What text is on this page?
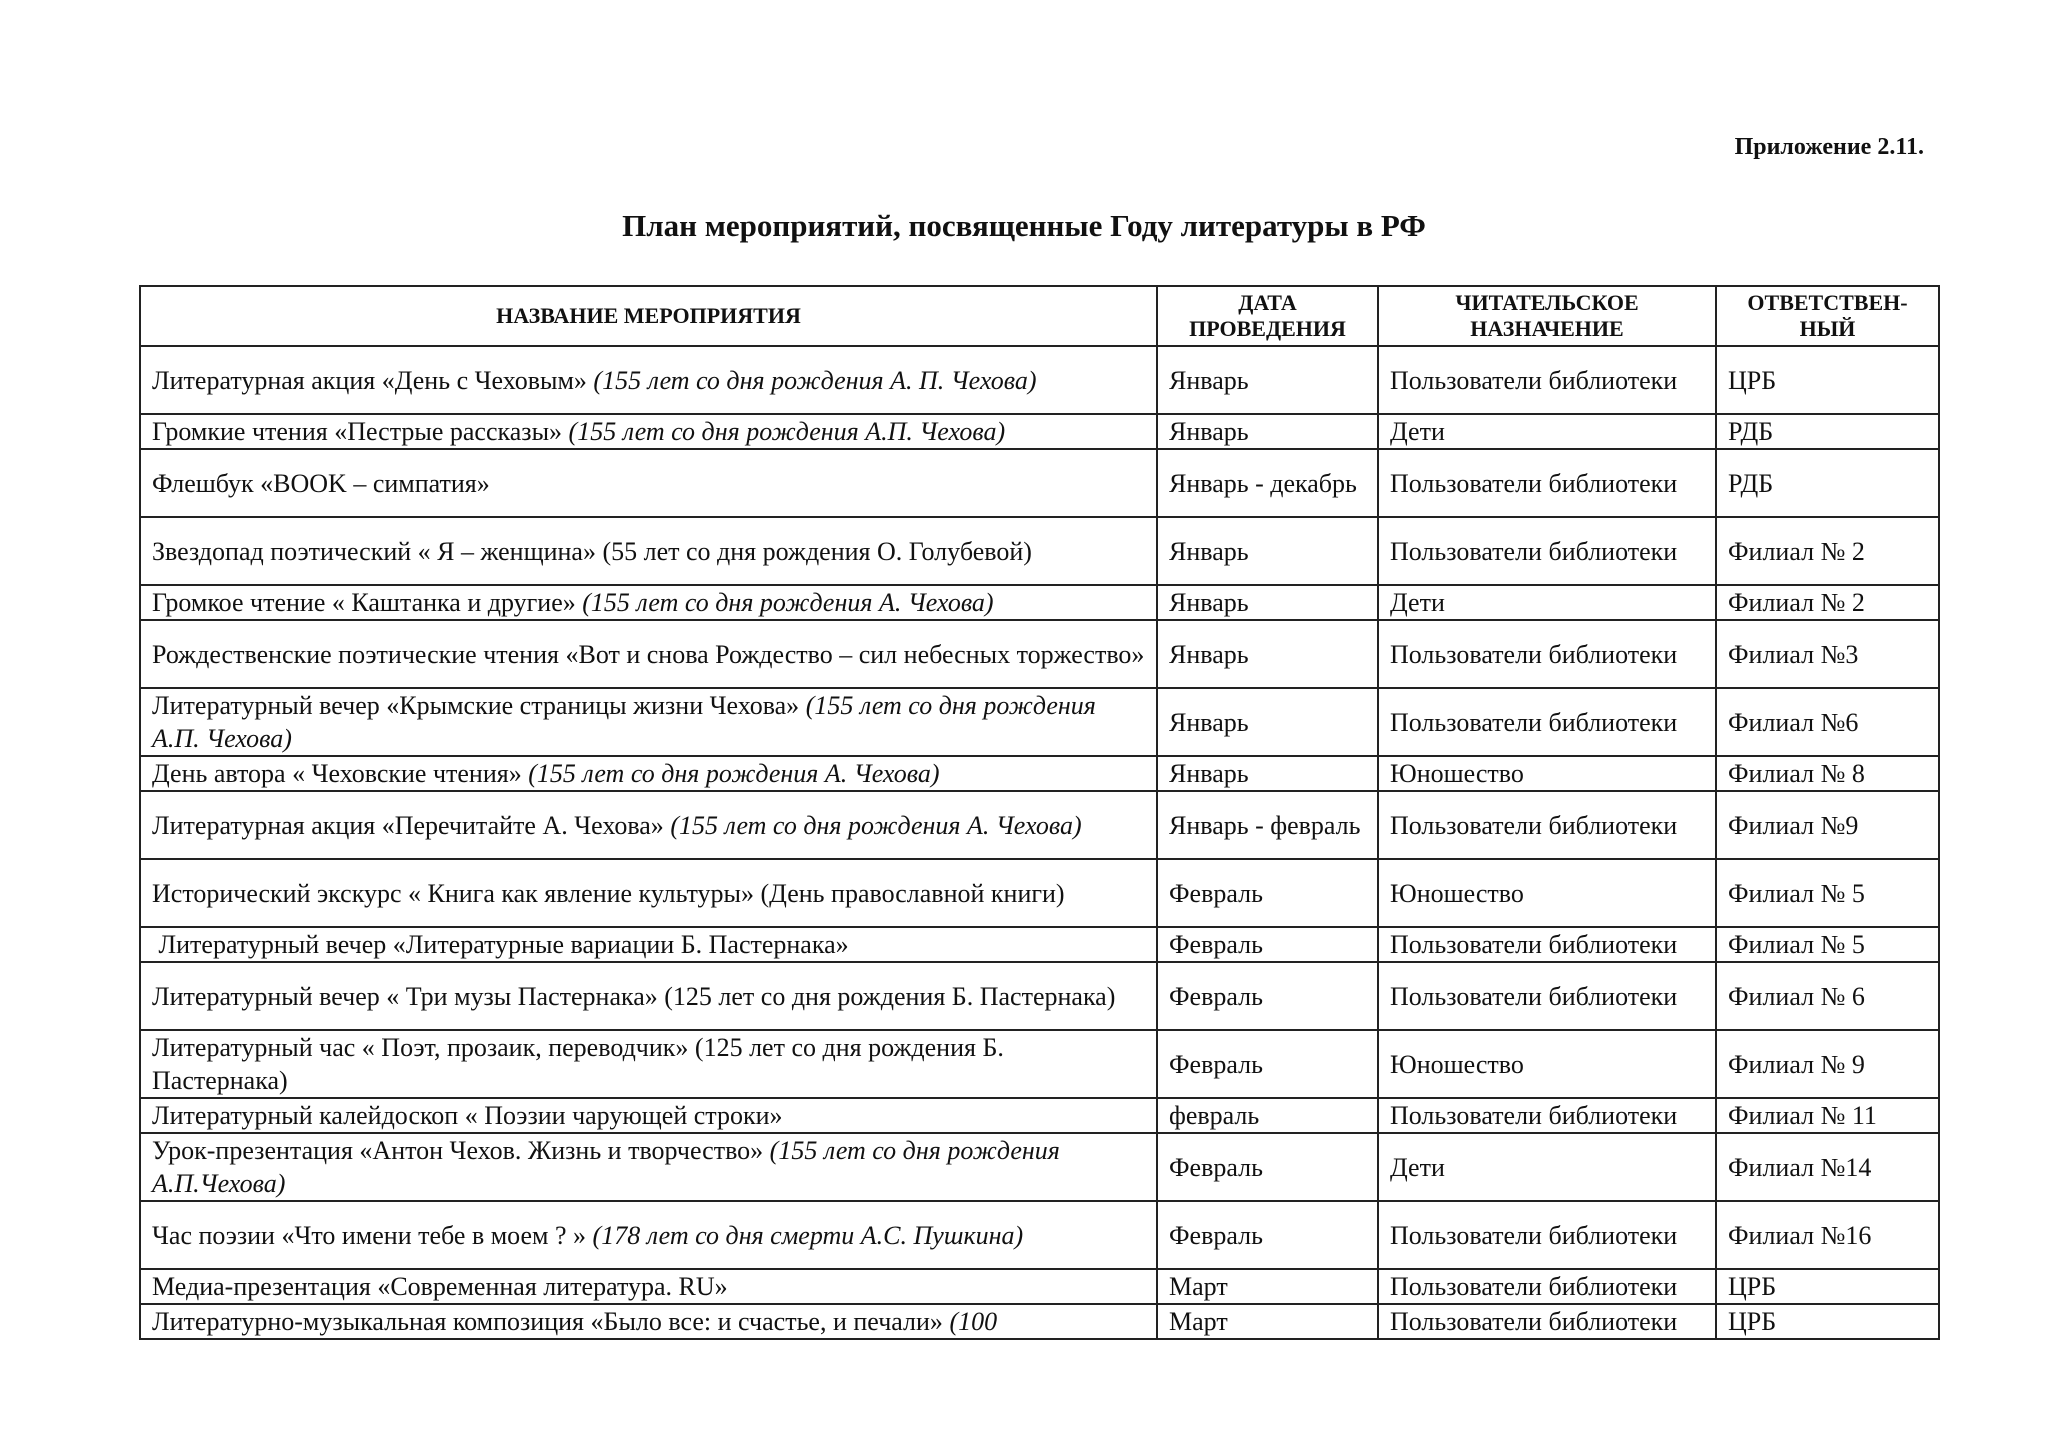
Приложение 2.11.
План мероприятий, посвященные Году литературы в РФ
НАЗВАНИЕ МЕРОПРИЯТИЯ	ДАТА ПРОВЕДЕНИЯ	ЧИТАТЕЛЬСКОЕ НАЗНАЧЕНИЕ	ОТВЕТСТВЕН-НЫЙ
Литературная акция «День с Чеховым» (155 лет со дня рождения А. П. Чехова)	Январь	Пользователи библиотеки	ЦРБ
Громкие чтения «Пестрые рассказы» (155 лет со дня рождения А.П. Чехова)	Январь	Дети	РДБ
Флешбук «BOOK – симпатия»	Январь - декабрь	Пользователи библиотеки	РДБ
Звездопад поэтический « Я – женщина» (55 лет со дня рождения О. Голубевой)	Январь	Пользователи библиотеки	Филиал № 2
Громкое чтение « Каштанка и другие» (155 лет со дня рождения А. Чехова)	Январь	Дети	Филиал № 2
Рождественские поэтические чтения «Вот и снова Рождество – сил небесных торжество»	Январь	Пользователи библиотеки	Филиал №3
Литературный вечер «Крымские страницы жизни Чехова» (155 лет со дня рождения А.П. Чехова)	Январь	Пользователи библиотеки	Филиал №6
День автора « Чеховские чтения» (155 лет со дня рождения А. Чехова)	Январь	Юношество	Филиал № 8
Литературная акция «Перечитайте А. Чехова» (155 лет со дня рождения А. Чехова)	Январь - февраль	Пользователи библиотеки	Филиал №9
Исторический экскурс « Книга как явление культуры» (День православной книги)	Февраль	Юношество	Филиал № 5
Литературный вечер «Литературные вариации Б. Пастернака»	Февраль	Пользователи библиотеки	Филиал № 5
Литературный вечер « Три музы Пастернака» (125 лет со дня рождения Б. Пастернака)	Февраль	Пользователи библиотеки	Филиал № 6
Литературный час « Поэт, прозаик, переводчик» (125 лет со дня рождения Б. Пастернака)	Февраль	Юношество	Филиал № 9
Литературный калейдоскоп « Поэзии чарующей строки»	февраль	Пользователи библиотеки	Филиал № 11
Урок-презентация «Антон Чехов. Жизнь и творчество» (155 лет со дня рождения А.П.Чехова)	Февраль	Дети	Филиал №14
Час поэзии «Что имени тебе в моем ? » (178 лет со дня смерти А.С. Пушкина)	Февраль	Пользователи библиотеки	Филиал №16
Медиа-презентация «Современная литература. RU»	Март	Пользователи библиотеки	ЦРБ
Литературно-музыкальная композиция «Было все: и счастье, и печали» (100	Март	Пользователи библиотеки	ЦРБ
